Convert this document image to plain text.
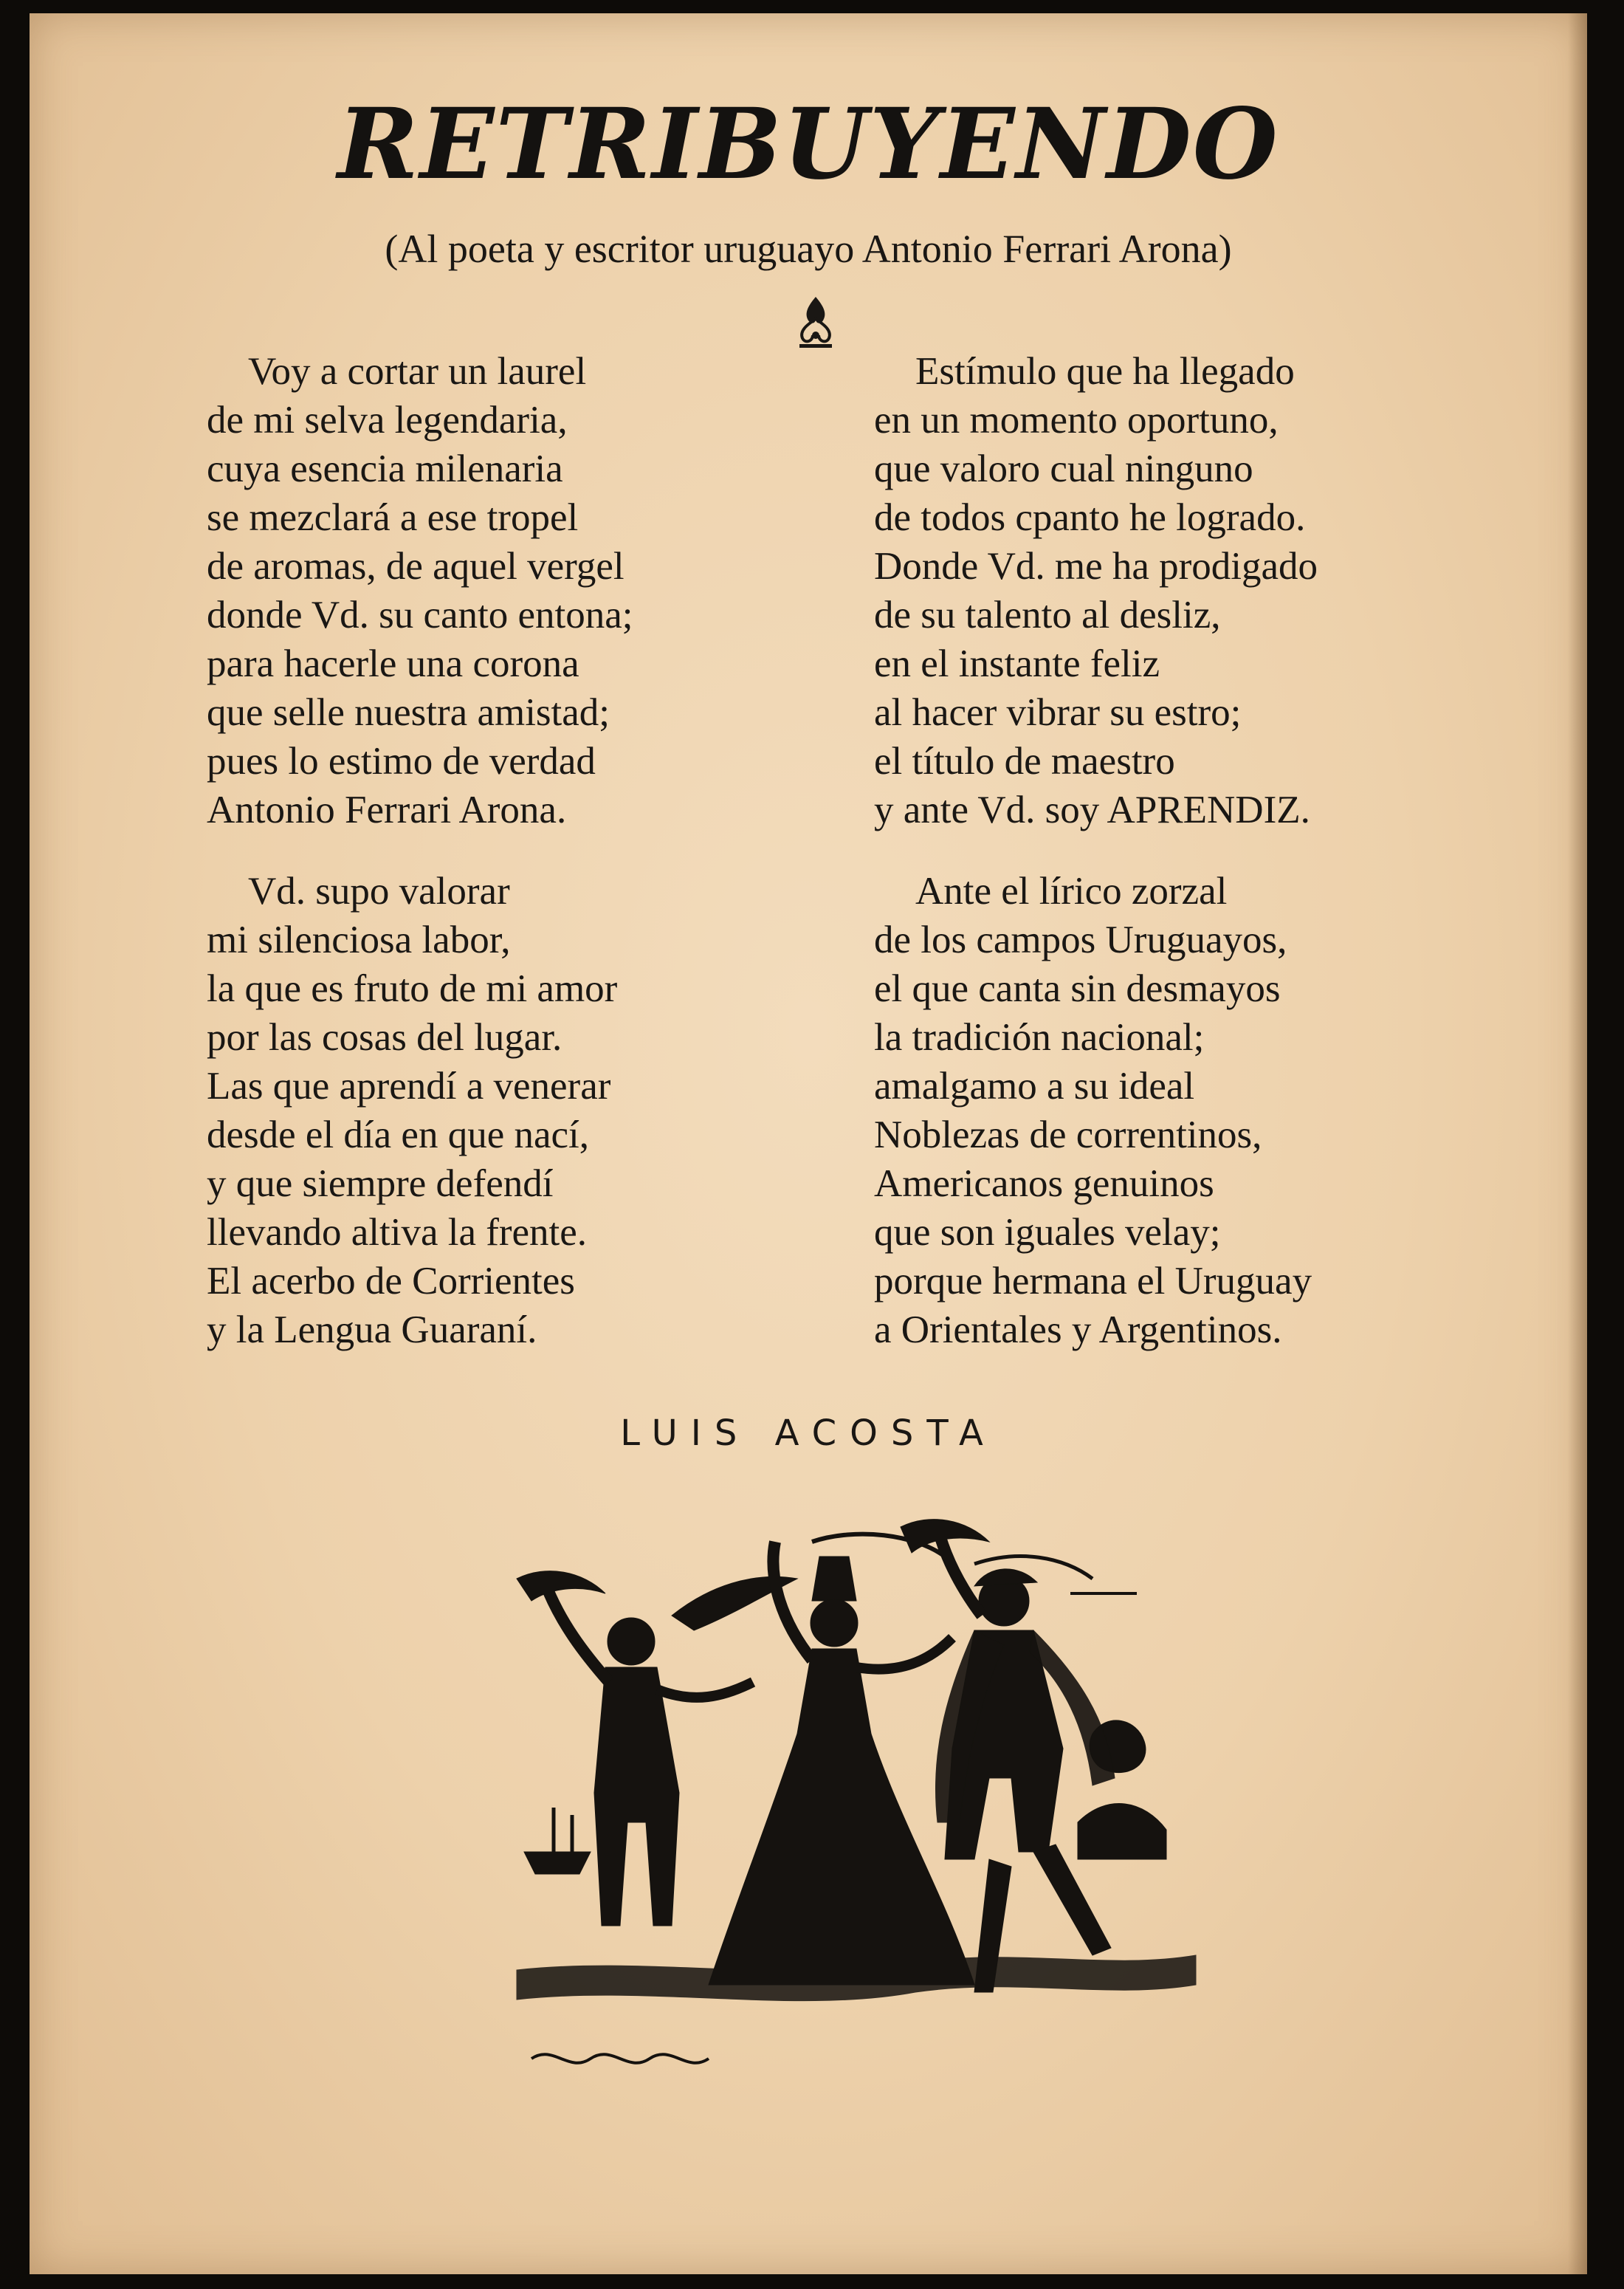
RETRIBUYENDO
(Al poeta y escritor uruguayo Antonio Ferrari Arona)
Voy a cortar un laurel
de mi selva legendaria,
cuya esencia milenaria
se mezclará a ese tropel
de aromas, de aquel vergel
donde Vd. su canto entona;
para hacerle una corona
que selle nuestra amistad;
pues lo estimo de verdad
Antonio Ferrari Arona.
Vd. supo valorar
mi silenciosa labor,
la que es fruto de mi amor
por las cosas del lugar.
Las que aprendí a venerar
desde el día en que nací,
y que siempre defendí
llevando altiva la frente.
El acerbo de Corrientes
y la Lengua Guaraní.
Estímulo que ha llegado
en un momento oportuno,
que valoro cual ninguno
de todos cpanto he logrado.
Donde Vd. me ha prodigado
de su talento al desliz,
en el instante feliz
al hacer vibrar su estro;
el título de maestro
y ante Vd. soy APRENDIZ.
Ante el lírico zorzal
de los campos Uruguayos,
el que canta sin desmayos
la tradición nacional;
amalgamo a su ideal
Noblezas de correntinos,
Americanos genuinos
que son iguales velay;
porque hermana el Uruguay
a Orientales y Argentinos.
LUIS ACOSTA
